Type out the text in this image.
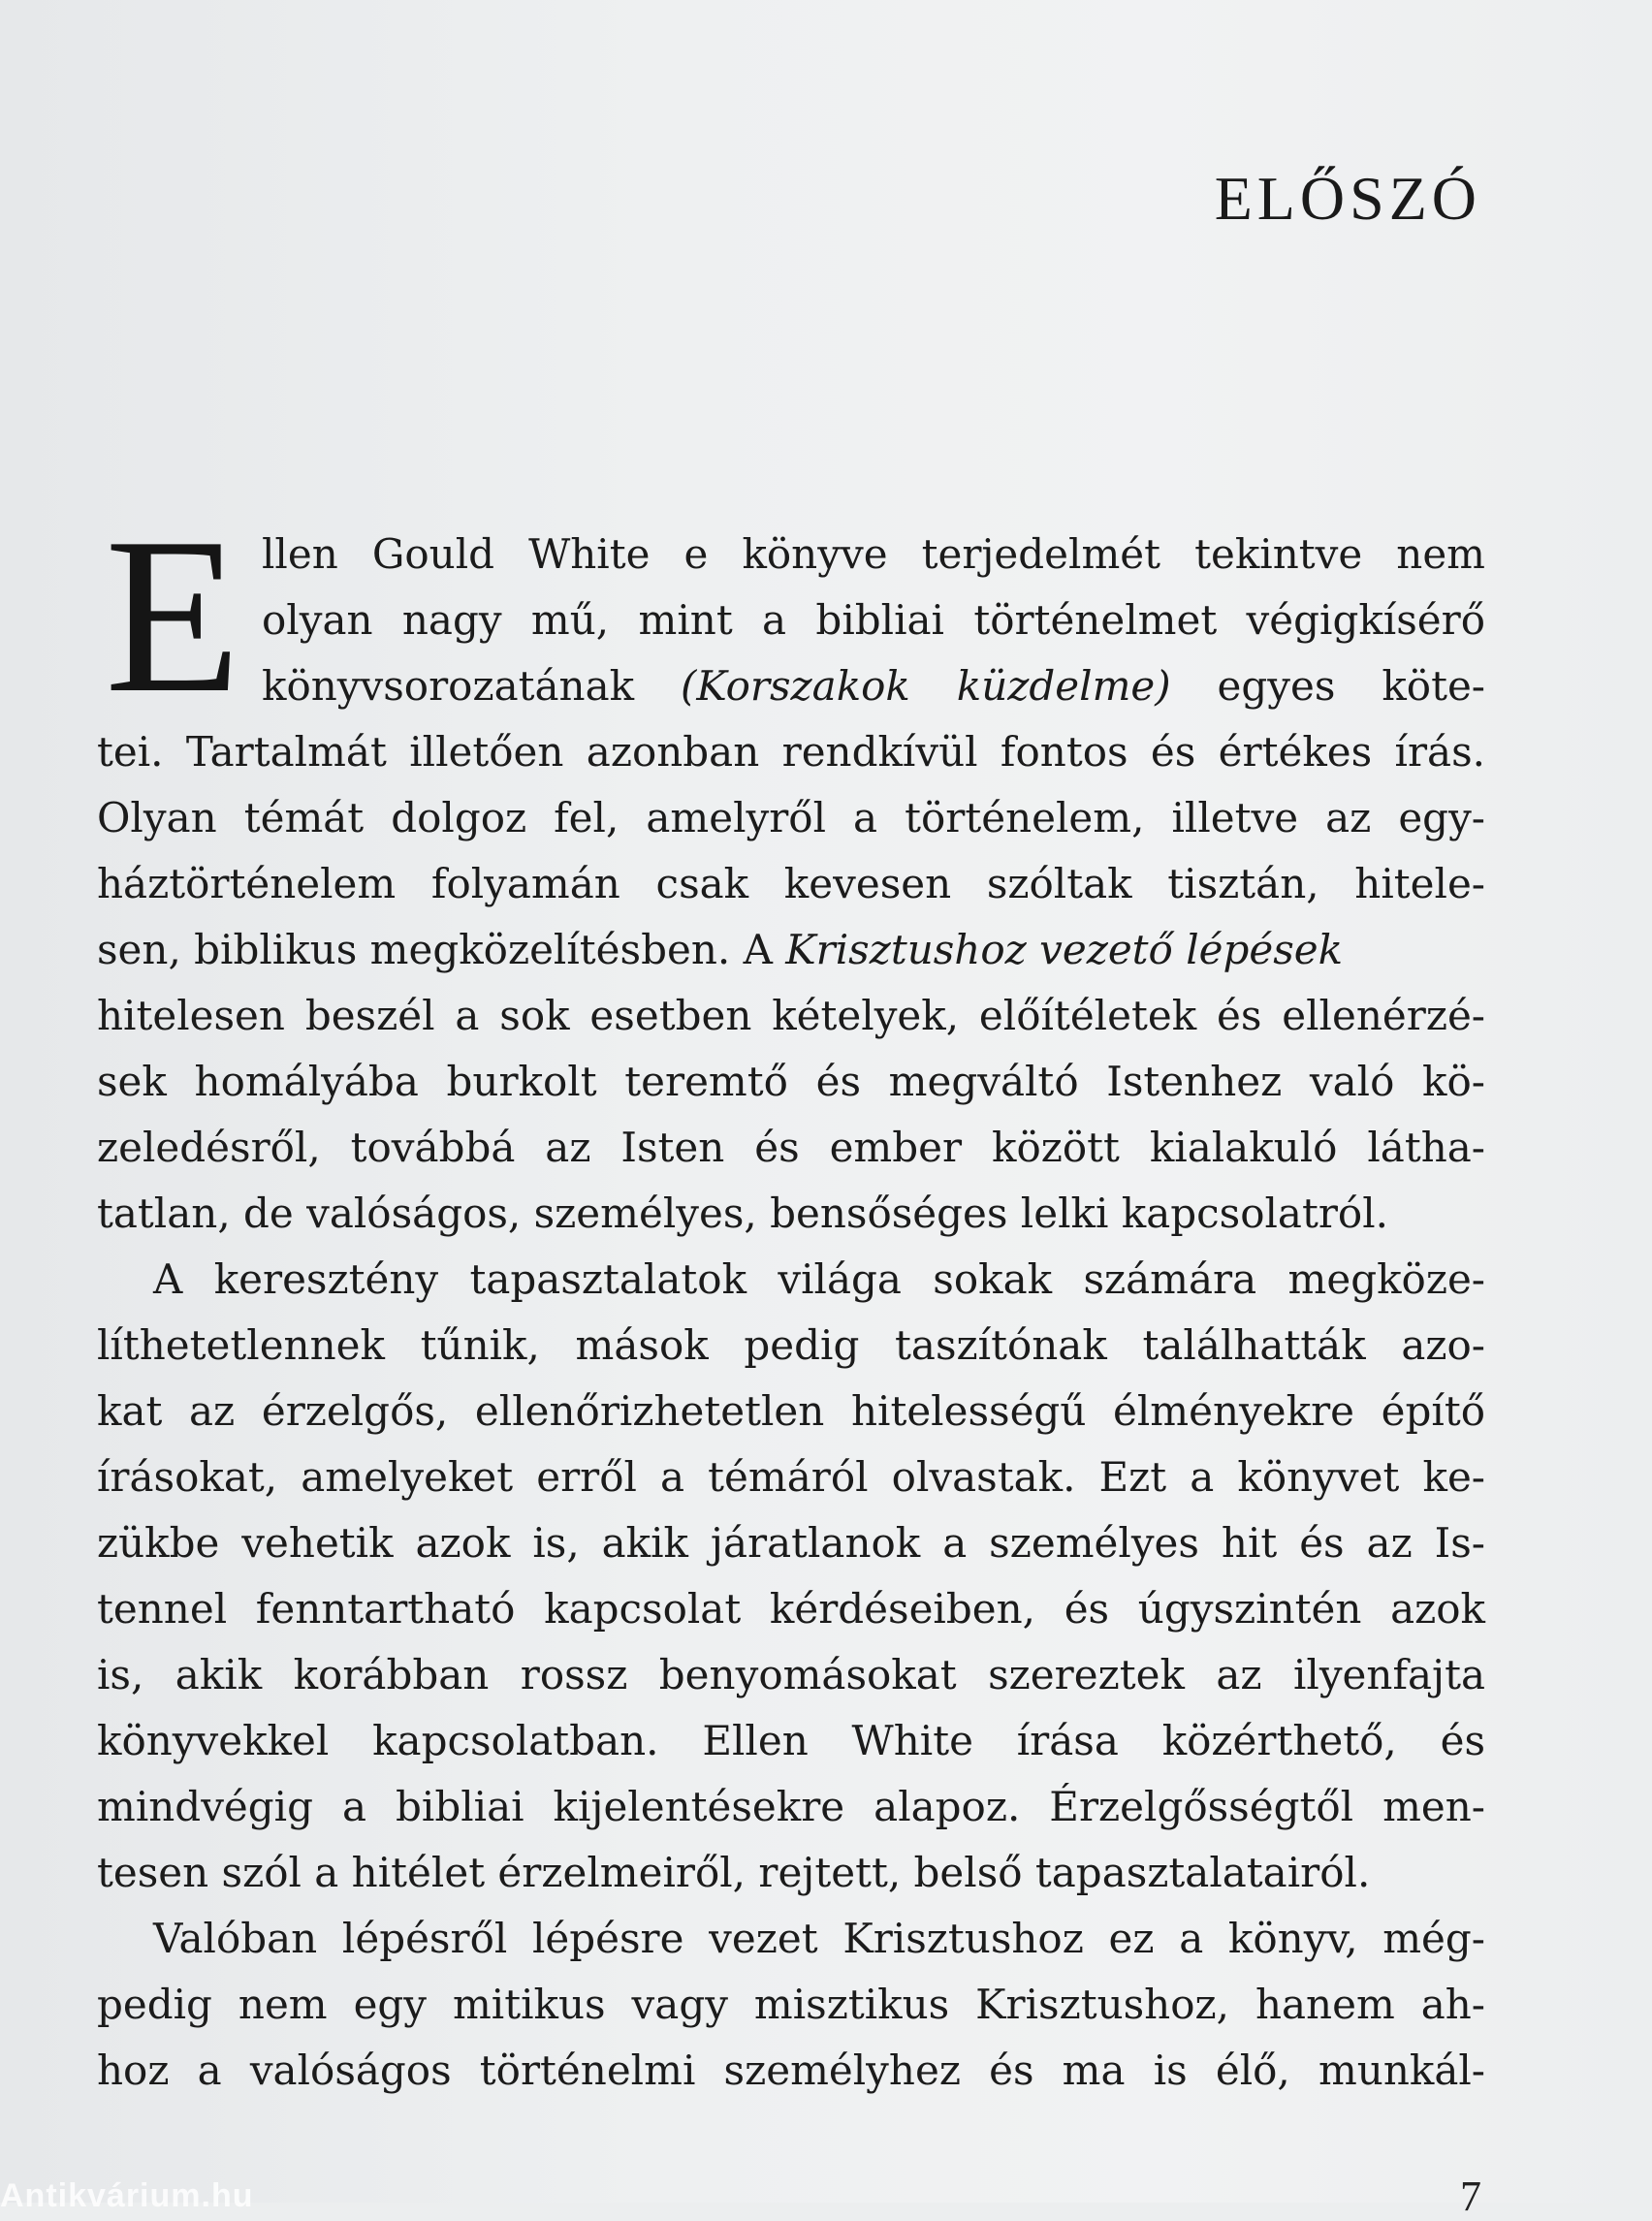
ELŐSZÓ
E llen Gould White e könyve terjedelmét tekintve nem
olyan nagy mű, mint a bibliai történelmet végigkísérő
könyvsorozatának (Korszakok küzdelme) egyes köte-
tei. Tartalmát illetően azonban rendkívül fontos és értékes írás.
Olyan témát dolgoz fel, amelyről a történelem, illetve az egy-
háztörténelem folyamán csak kevesen szóltak tisztán, hitele-
sen, biblikus megközelítésben. A Krisztushoz vezető lépések
hitelesen beszél a sok esetben kételyek, előítéletek és ellenérzé-
sek homályába burkolt teremtő és megváltó Istenhez való kö-
zeledésről, továbbá az Isten és ember között kialakuló látha-
tatlan, de valóságos, személyes, bensőséges lelki kapcsolatról.
A keresztény tapasztalatok világa sokak számára megköze-
líthetetlennek tűnik, mások pedig taszítónak találhatták azo-
kat az érzelgős, ellenőrizhetetlen hitelességű élményekre építő
írásokat, amelyeket erről a témáról olvastak. Ezt a könyvet ke-
zükbe vehetik azok is, akik járatlanok a személyes hit és az Is-
tennel fenntartható kapcsolat kérdéseiben, és úgyszintén azok
is, akik korábban rossz benyomásokat szereztek az ilyenfajta
könyvekkel kapcsolatban. Ellen White írása közérthető, és
mindvégig a bibliai kijelentésekre alapoz. Érzelgősségtől men-
tesen szól a hitélet érzelmeiről, rejtett, belső tapasztalatairól.
Valóban lépésről lépésre vezet Krisztushoz ez a könyv, még-
pedig nem egy mitikus vagy misztikus Krisztushoz, hanem ah-
hoz a valóságos történelmi személyhez és ma is élő, munkál-
7
Antikvárium.hu
